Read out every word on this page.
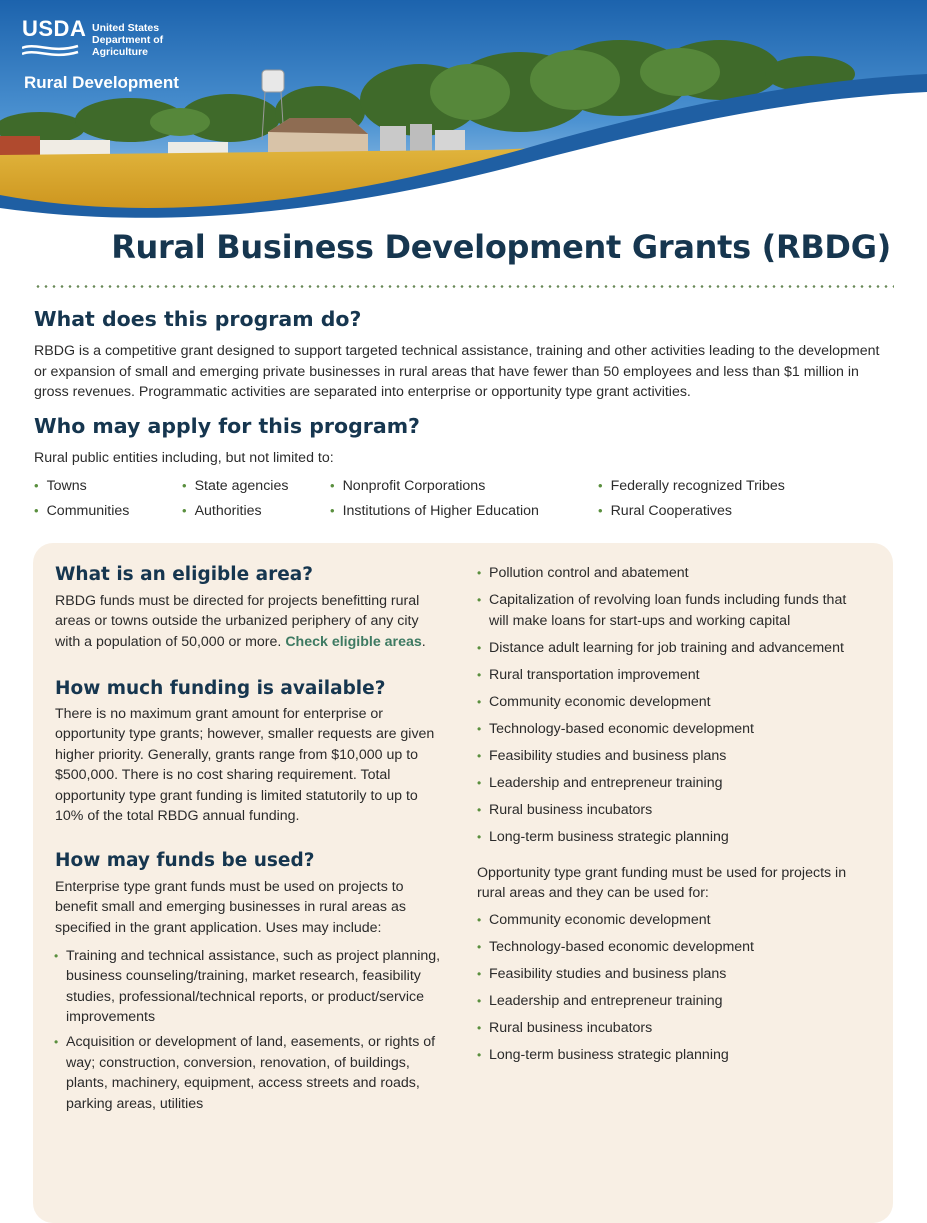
USDA United States
Department of
Agriculture
Rural Development
Rural Business Development Grants (RBDG)
What does this program do?

RBDG is a competitive grant designed to support targeted technical assistance, training and other activities leading to the development or expansion of small and emerging private businesses in rural areas that have fewer than 50 employees and less than $1 million in gross revenues. Programmatic activities are separated into enterprise or opportunity type grant activities.

Who may apply for this program?

Rural public entities including, but not limited to:

• Towns
• Communities
• State agencies
• Authorities
• Nonprofit Corporations
• Institutions of Higher Education
• Federally recognized Tribes
• Rural Cooperatives
What is an eligible area?

RBDG funds must be directed for projects benefitting rural areas or towns outside the urbanized periphery of any city with a population of 50,000 or more. Check eligible areas.

How much funding is available?

There is no maximum grant amount for enterprise or opportunity type grants; however, smaller requests are given higher priority. Generally, grants range from $10,000 up to $500,000. There is no cost sharing requirement. Total opportunity type grant funding is limited statutorily to up to 10% of the total RBDG annual funding.

How may funds be used?

Enterprise type grant funds must be used on projects to benefit small and emerging businesses in rural areas as specified in the grant application. Uses may include:

• Training and technical assistance, such as project planning, business counseling/training, market research, feasibility studies, professional/technical reports, or product/service improvements
• Acquisition or development of land, easements, or rights of way; construction, conversion, renovation, of buildings, plants, machinery, equipment, access streets and roads, parking areas, utilities
• Pollution control and abatement
• Capitalization of revolving loan funds including funds that will make loans for start-ups and working capital
• Distance adult learning for job training and advancement
• Rural transportation improvement
• Community economic development
• Technology-based economic development
• Feasibility studies and business plans
• Leadership and entrepreneur training
• Rural business incubators
• Long-term business strategic planning

Opportunity type grant funding must be used for projects in rural areas and they can be used for:

• Community economic development
• Technology-based economic development
• Feasibility studies and business plans
• Leadership and entrepreneur training
• Rural business incubators
• Long-term business strategic planning
